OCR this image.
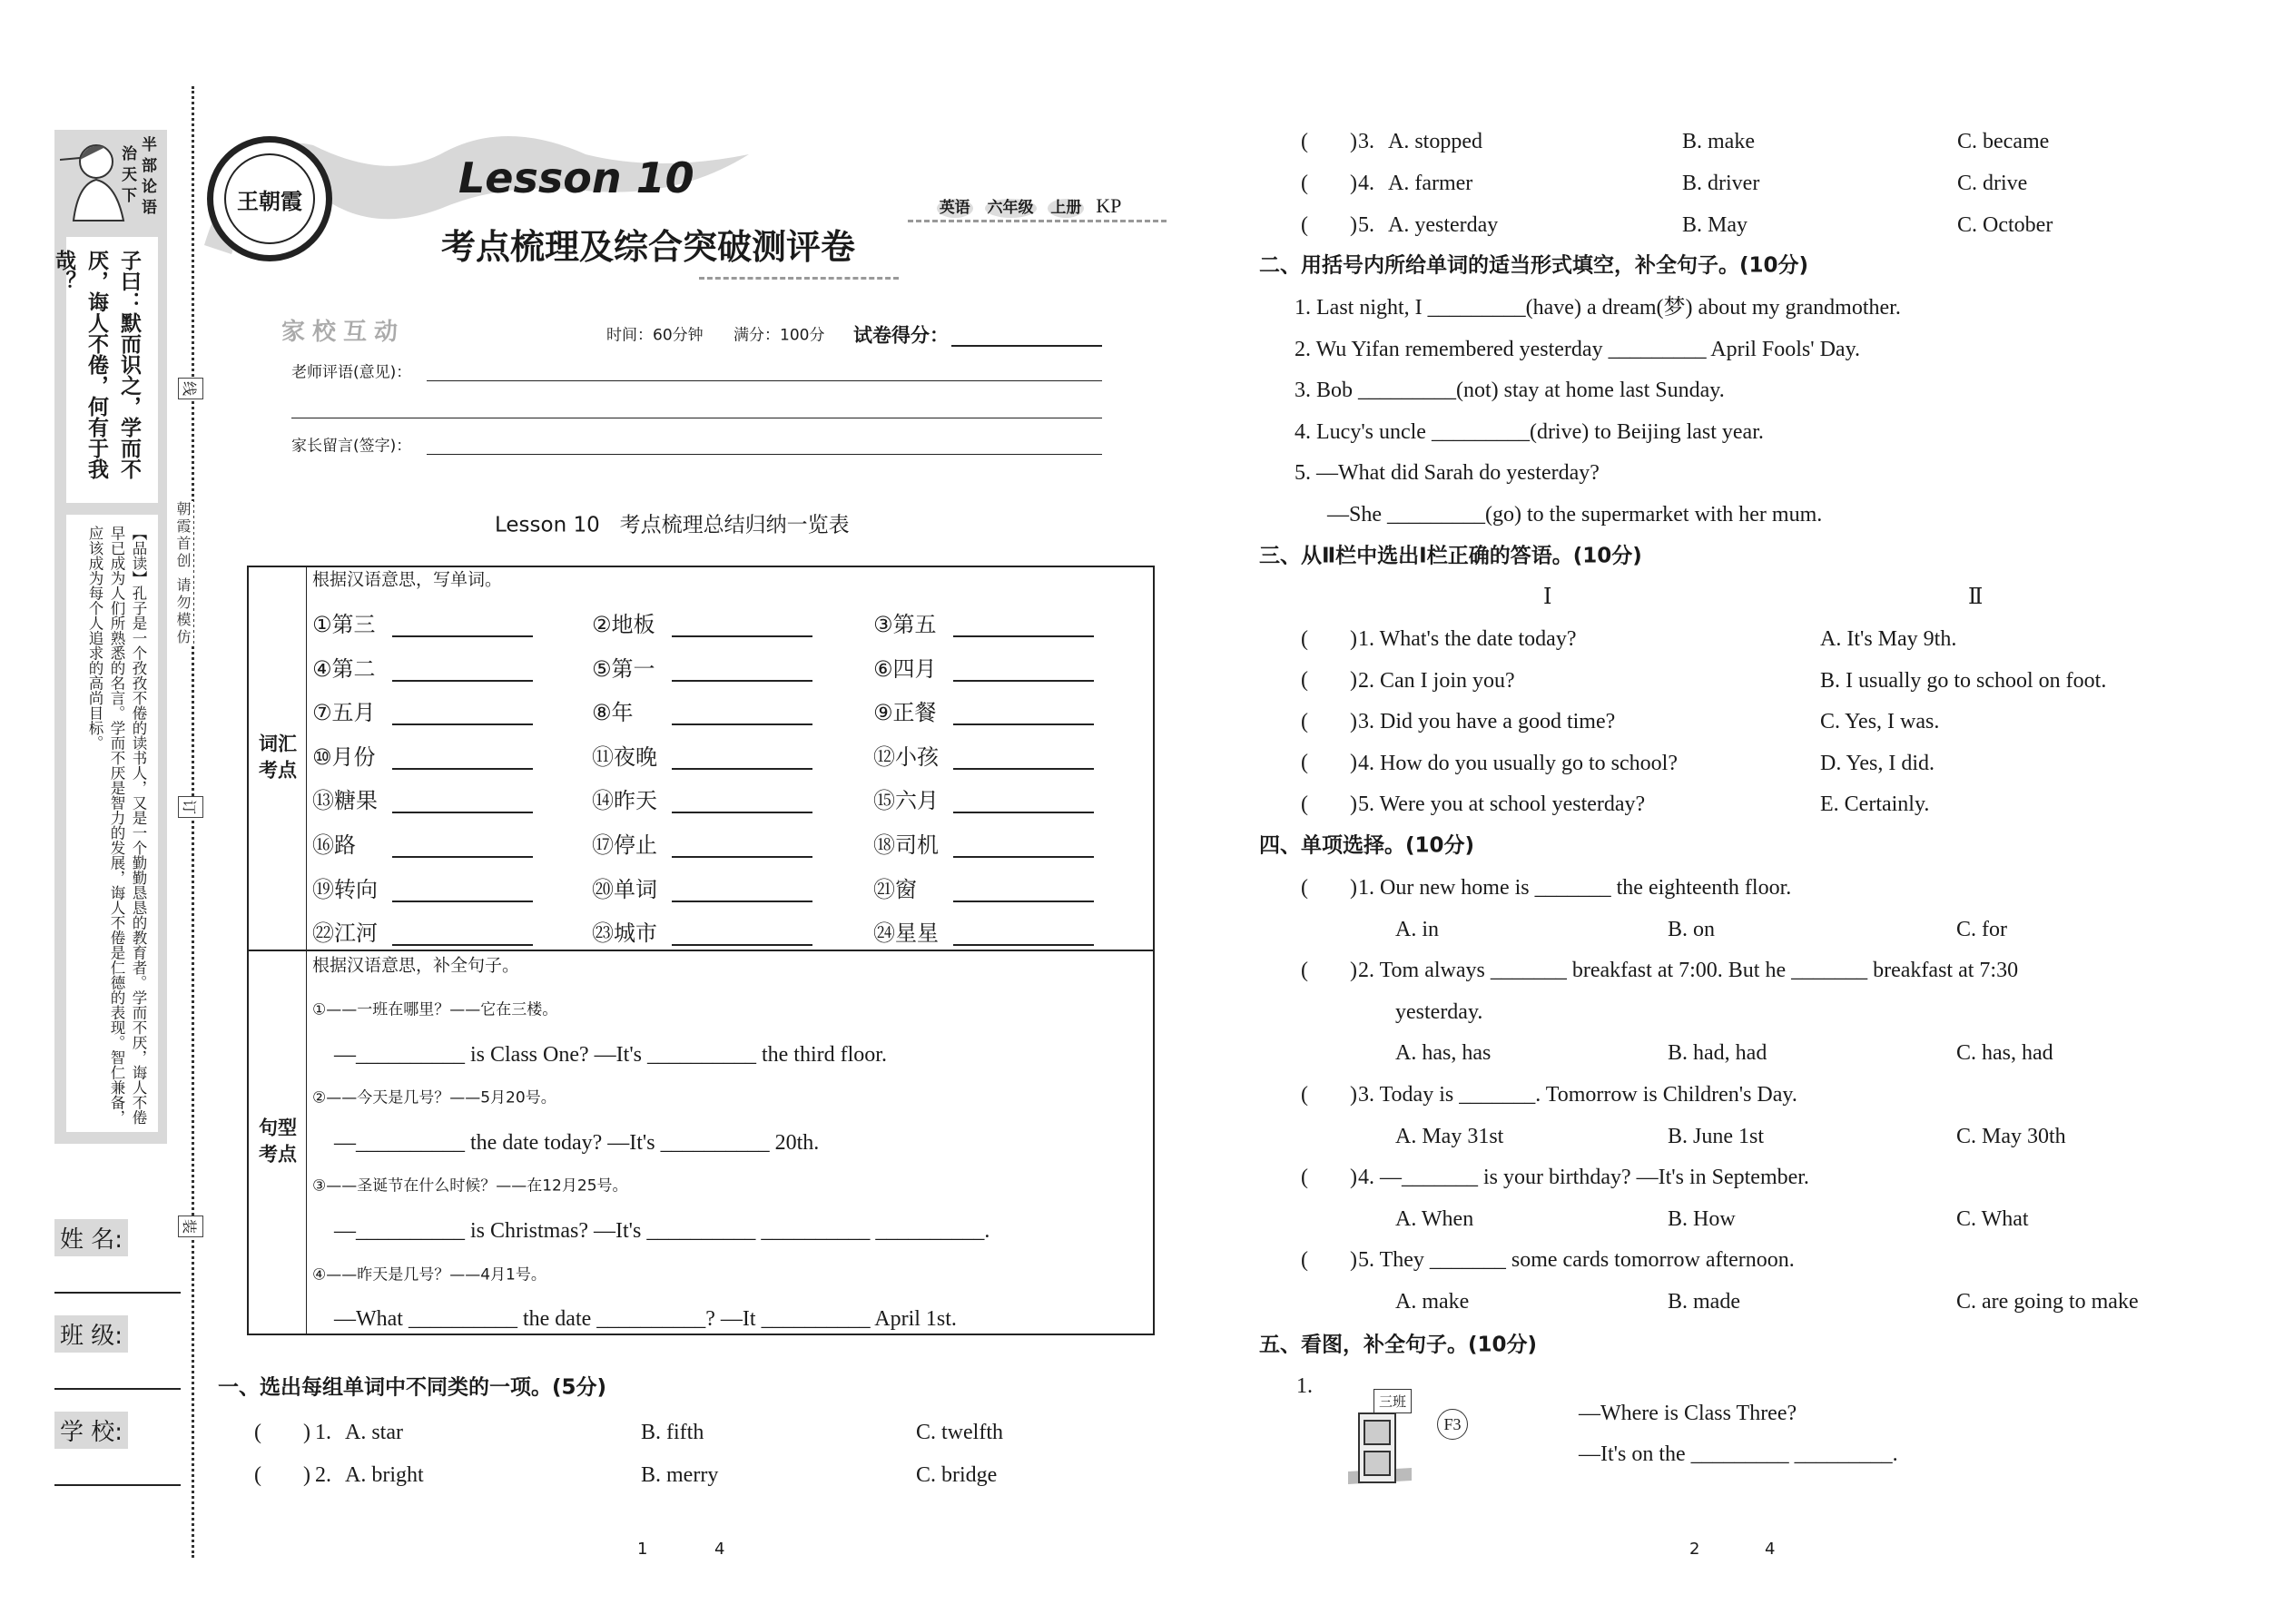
半部论语
治天下
子曰：默而识之，学而不厌，诲人不倦，何有于我哉？
【品读】孔子是一个孜孜不倦的读书人，又是一个勤勤恳恳的教育者。学而不厌，诲人不倦早已成为人们所熟悉的名言。学而不厌是智力的发展，诲人不倦是仁德的表现。智仁兼备，应该成为每个人追求的高尚目标。
姓 名:
班 级:
学 校:
线
订
装
朝霞首创 请勿模仿
王朝霞	Lesson 10
考点梳理及综合突破测评卷

英语 六年级 上册 KP

家校互动	时间：60分钟 满分：100分 试卷得分：
老师评语(意见)：
家长留言(签字)：
Lesson 10   考点梳理总结归纳一览表
词汇
考点
句型
考点
根据汉语意思，写单词。
根据汉语意思，补全句子。
一、选出每组单词中不同类的一项。(5分)
二、用括号内所给单词的适当形式填空，补全句子。(10分)
三、从Ⅱ栏中选出Ⅰ栏正确的答语。(10分)
Ⅰ	Ⅱ
四、单项选择。(10分)
五、看图，补全句子。(10分)
1.
三班
F3	—Where is Class Three?
—It's on the _________ _________.
1	4	2	4
①第三	②地板	③第五
④第二	⑤第一	⑥四月
⑦五月	⑧年	⑨正餐
⑩月份	⑪夜晚	⑫小孩
⑬糖果	⑭昨天	⑮六月
⑯路	⑰停止	⑱司机
⑲转向	⑳单词	㉑窗
㉒江河	㉓城市	㉔星星
①——一班在哪里？——它在三楼。
—__________ is Class One? —It's __________ the third floor.
②——今天是几号？——5月20号。
—__________ the date today? —It's __________ 20th.
③——圣诞节在什么时候？——在12月25号。
—__________ is Christmas? —It's __________ __________ __________.
④——昨天是几号？——4月1号。
—What __________ the date __________? —It __________ April 1st.
( )
1. A. star	B. fifth	C. twelfth
( )
2. A. bright	B. merry	C. bridge
( )
3. A. stopped	B. make	C. became
( )
4. A. farmer	B. driver	C. drive
( )
5. A. yesterday	B. May	C. October
1. Last night, I _________(have) a dream(梦) about my grandmother.
2. Wu Yifan remembered yesterday _________ April Fools' Day.
3. Bob _________(not) stay at home last Sunday.
4. Lucy's uncle _________(drive) to Beijing last year.
5. —What did Sarah do yesterday?
—She _________(go) to the supermarket with her mum.
( )
1. What's the date today?	A. It's May 9th.
( )
2. Can I join you?	B. I usually go to school on foot.
( )
3. Did you have a good time?	C. Yes, I was.
( )
4. How do you usually go to school?	D. Yes, I did.
( )
5. Were you at school yesterday?	E. Certainly.
( )
1. Our new home is _______ the eighteenth floor.
A. in	B. on	C. for
( )
2. Tom always _______ breakfast at 7:00. But he _______ breakfast at 7:30
yesterday.
A. has, has	B. had, had	C. has, had
( )
3. Today is _______. Tomorrow is Children's Day.
A. May 31st	B. June 1st	C. May 30th
( )
4. —_______ is your birthday? —It's in September.
A. When	B. How	C. What
( )
5. They _______ some cards tomorrow afternoon.
A. make	B. made	C. are going to make
